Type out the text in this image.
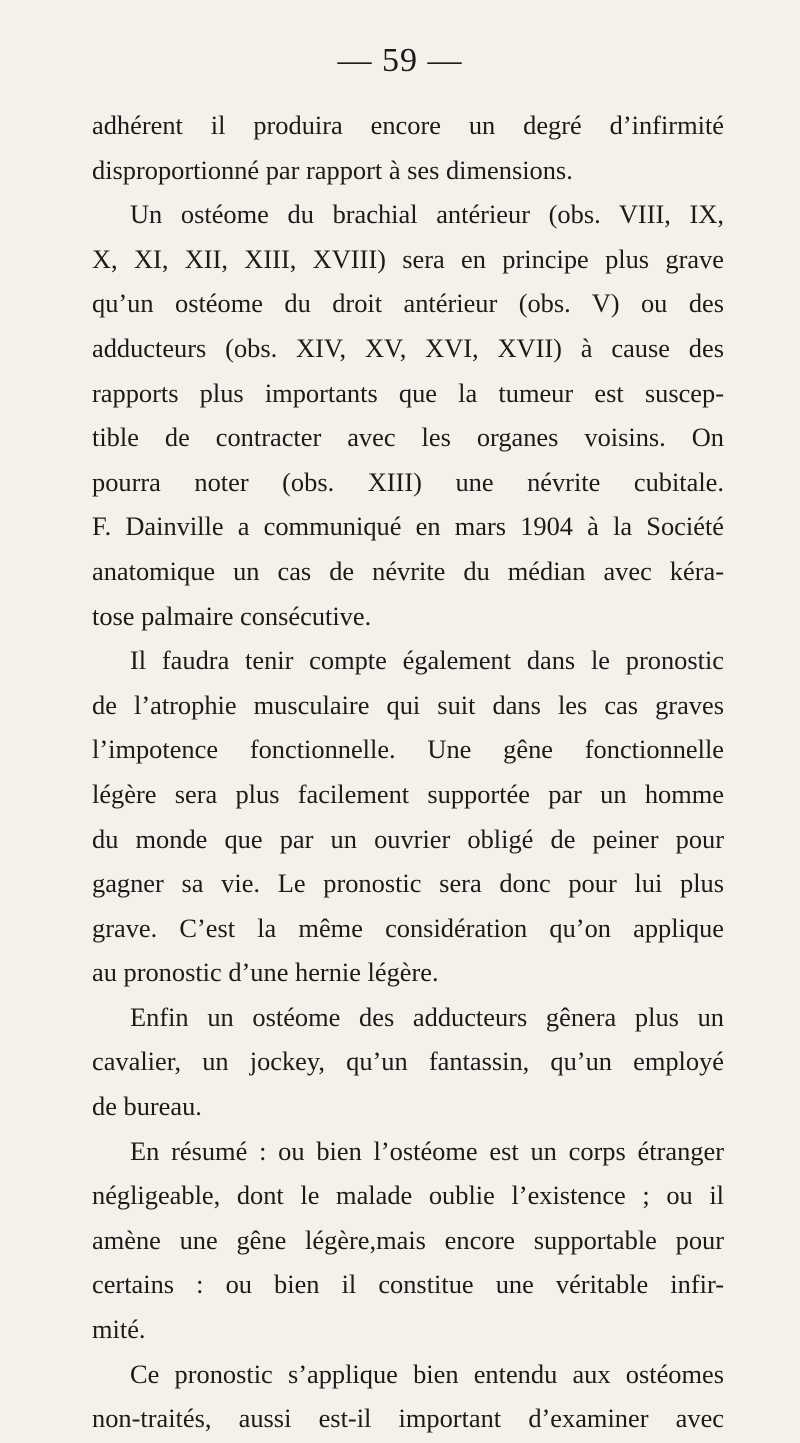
— 59 —
adhérent il produira encore un degré d’infirmité
disproportionné par rapport à ses dimensions.
Un ostéome du brachial antérieur (obs. VIII, IX,
X, XI, XII, XIII, XVIII) sera en principe plus grave
qu’un ostéome du droit antérieur (obs. V) ou des
adducteurs (obs. XIV, XV, XVI, XVII) à cause des
rapports plus importants que la tumeur est suscep-
tible de contracter avec les organes voisins. On
pourra noter (obs. XIII) une névrite cubitale.
F. Dainville a communiqué en mars 1904 à la Société
anatomique un cas de névrite du médian avec kéra-
tose palmaire consécutive.
Il faudra tenir compte également dans le pronostic
de l’atrophie musculaire qui suit dans les cas graves
l’impotence fonctionnelle. Une gêne fonctionnelle
légère sera plus facilement supportée par un homme
du monde que par un ouvrier obligé de peiner pour
gagner sa vie. Le pronostic sera donc pour lui plus
grave. C’est la même considération qu’on applique
au pronostic d’une hernie légère.
Enfin un ostéome des adducteurs gênera plus un
cavalier, un jockey, qu’un fantassin, qu’un employé
de bureau.
En résumé : ou bien l’ostéome est un corps étranger
négligeable, dont le malade oublie l’existence ; ou il
amène une gêne légère,mais encore supportable pour
certains : ou bien il constitue une véritable infir-
mité.
Ce pronostic s’applique bien entendu aux ostéomes
non-traités, aussi est-il important d’examiner avec
